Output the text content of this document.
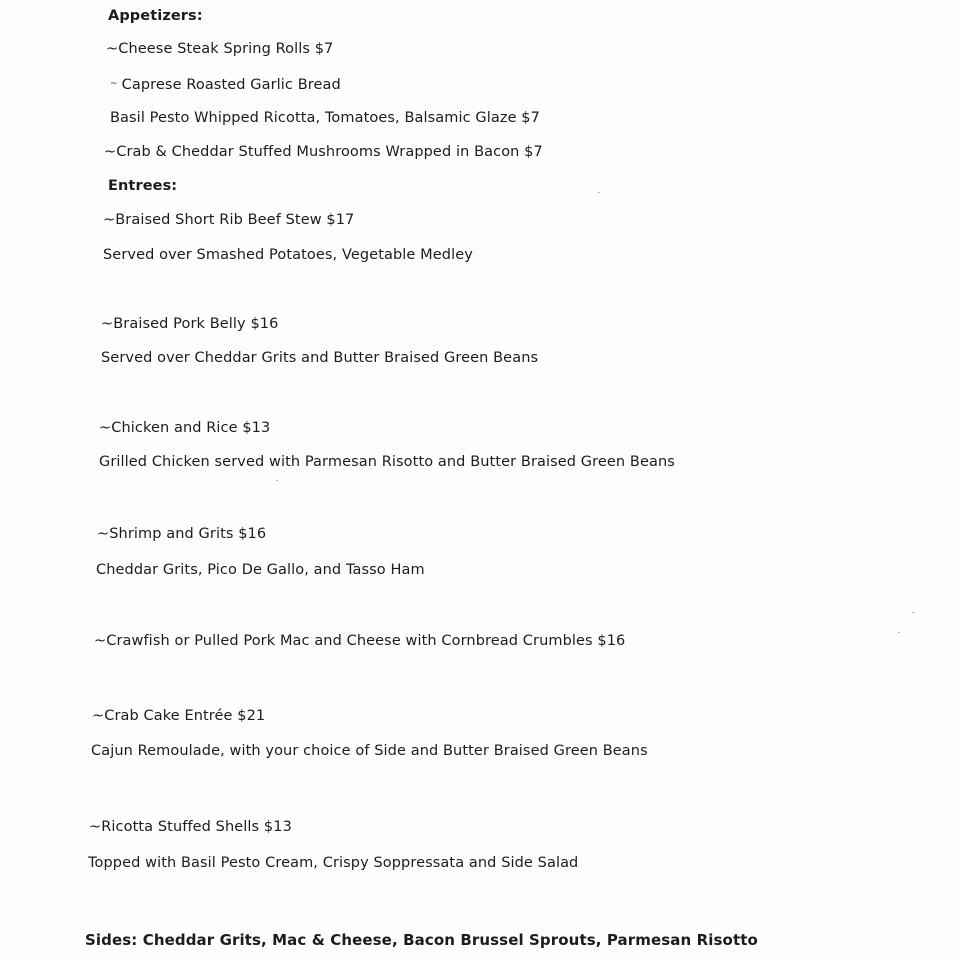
Appetizers:
~Cheese Steak Spring Rolls $7
~ Caprese Roasted Garlic Bread
Basil Pesto Whipped Ricotta, Tomatoes, Balsamic Glaze $7
~Crab & Cheddar Stuffed Mushrooms Wrapped in Bacon $7
Entrees:
~Braised Short Rib Beef Stew $17
Served over Smashed Potatoes, Vegetable Medley
~Braised Pork Belly $16
Served over Cheddar Grits and Butter Braised Green Beans
~Chicken and Rice $13
Grilled Chicken served with Parmesan Risotto and Butter Braised Green Beans
~Shrimp and Grits $16
Cheddar Grits, Pico De Gallo, and Tasso Ham
~Crawfish or Pulled Pork Mac and Cheese with Cornbread Crumbles $16
~Crab Cake Entrée $21
Cajun Remoulade, with your choice of Side and Butter Braised Green Beans
~Ricotta Stuffed Shells $13
Topped with Basil Pesto Cream, Crispy Soppressata and Side Salad
Sides: Cheddar Grits, Mac & Cheese, Bacon Brussel Sprouts, Parmesan Risotto
